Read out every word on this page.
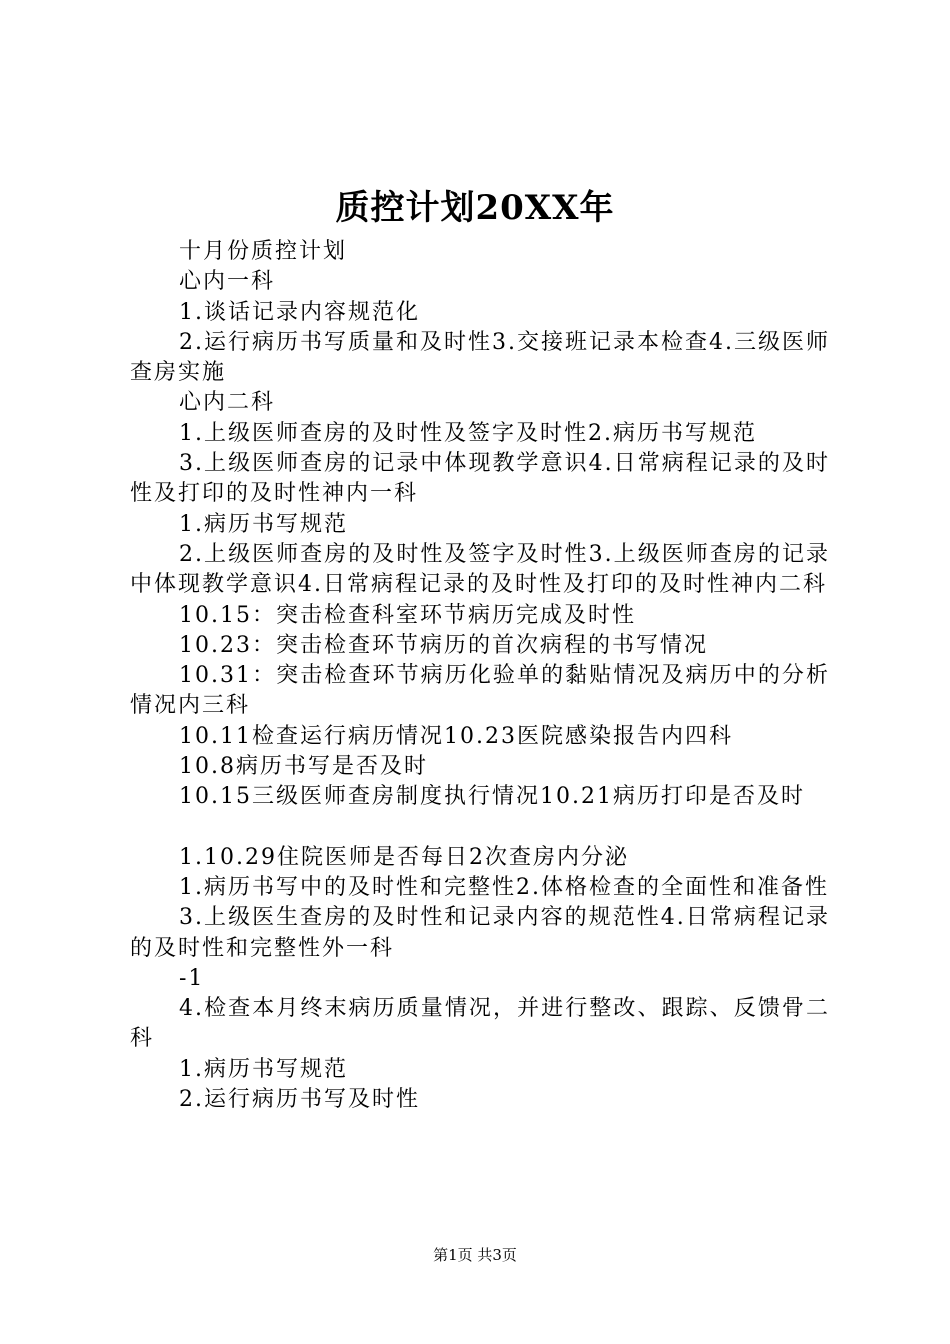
质控计划20XX年

十月份质控计划

心内一科

1.谈话记录内容规范化

2.运行病历书写质量和及时性3.交接班记录本检查4.三级医师查房实施

心内二科

1.上级医师查房的及时性及签字及时性2.病历书写规范

3.上级医师查房的记录中体现教学意识4.日常病程记录的及时性及打印的及时性神内一科

1.病历书写规范

2.上级医师查房的及时性及签字及时性3.上级医师查房的记录中体现教学意识4.日常病程记录的及时性及打印的及时性神内二科

10.15：突击检查科室环节病历完成及时性

10.23：突击检查环节病历的首次病程的书写情况

10.31：突击检查环节病历化验单的黏贴情况及病历中的分析情况内三科

10.11检查运行病历情况10.23医院感染报告内四科

10.8病历书写是否及时

10.15三级医师查房制度执行情况10.21病历打印是否及时

1.10.29住院医师是否每日2次查房内分泌

1.病历书写中的及时性和完整性2.体格检查的全面性和准备性

3.上级医生查房的及时性和记录内容的规范性4.日常病程记录的及时性和完整性外一科

-1

4.检查本月终末病历质量情况，并进行整改、跟踪、反馈骨二科

1.病历书写规范

2.运行病历书写及时性

第1页 共3页
